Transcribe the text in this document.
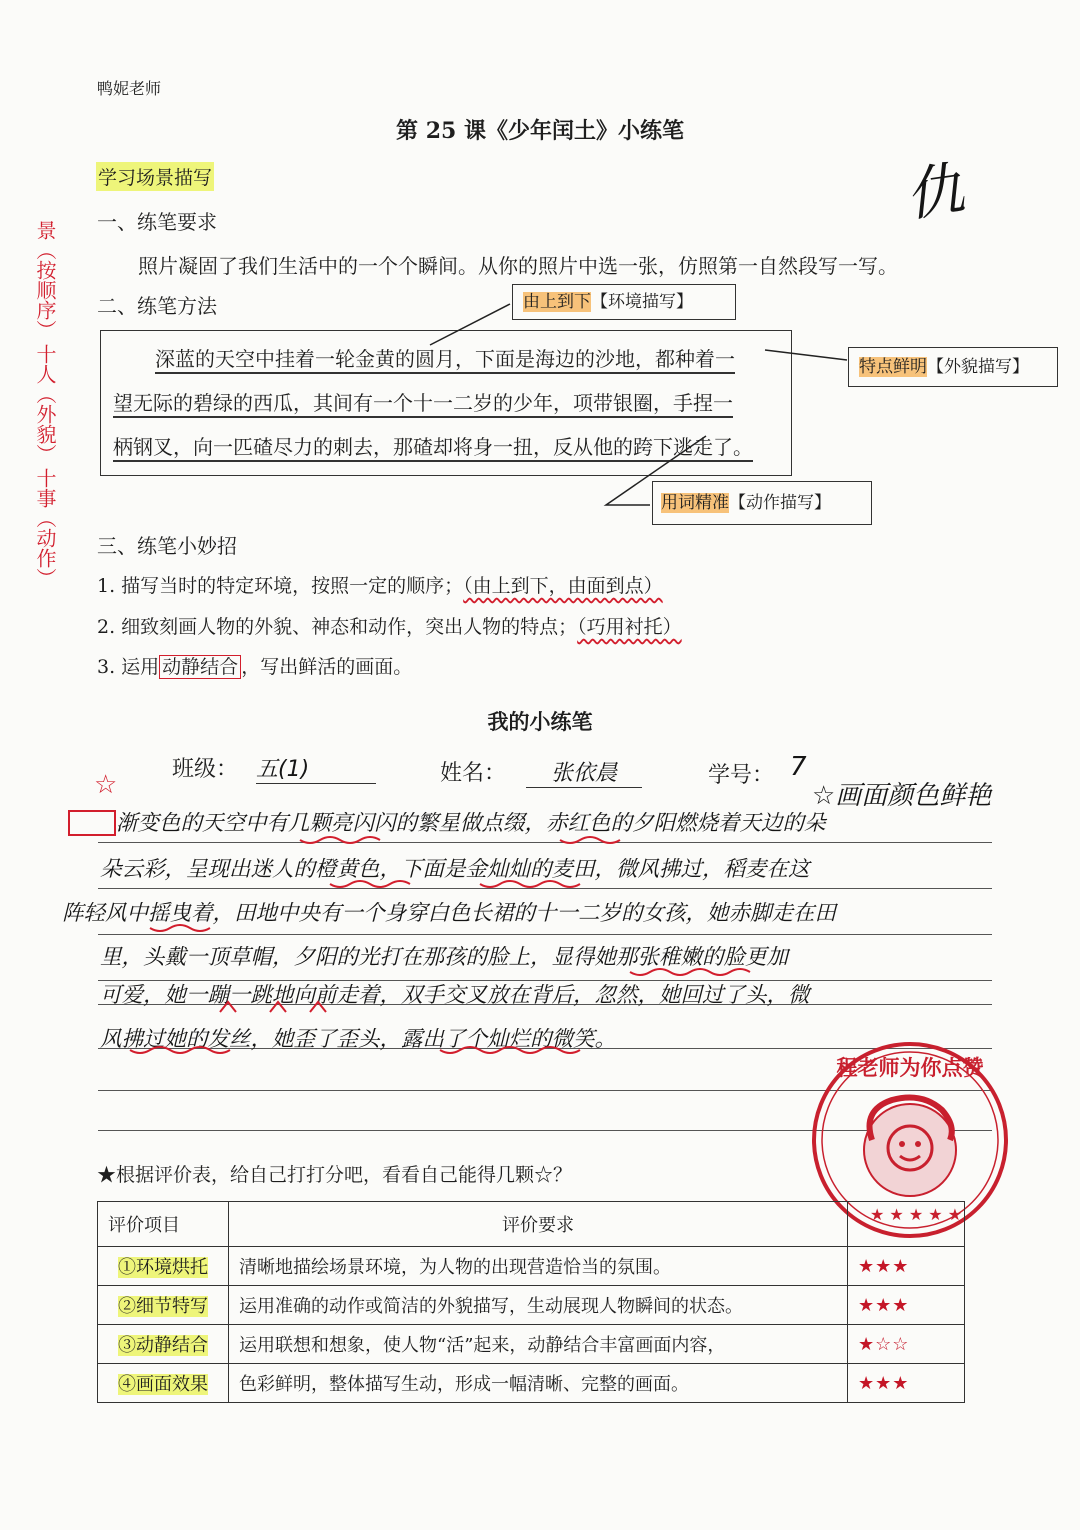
鸭妮老师
第 25 课《少年闰土》小练笔
学习场景描写	仇
景（按顺序）
十人（外貌）
十事（动作）
一、练笔要求
照片凝固了我们生活中的一个个瞬间。从你的照片中选一张，仿照第一自然段写一写。
二、练笔方法	由上到下【环境描写】
特点鲜明【外貌描写】
用词精准【动作描写】
深蓝的天空中挂着一轮金黄的圆月，下面是海边的沙地，都种着一
望无际的碧绿的西瓜，其间有一个十一二岁的少年，项带银圈，手捏一
柄钢叉，向一匹碴尽力的刺去，那碴却将身一扭，反从他的跨下逃走了。
三、练笔小妙招
1. 描写当时的特定环境，按照一定的顺序；（由上到下，由面到点）
2. 细致刻画人物的外貌、神态和动作，突出人物的特点；（巧用衬托）
3. 运用 动静结合 ，写出鲜活的画面。
我的小练笔
班级： 五(1)	姓名：	张依晨	学号： 7
☆画面颜色鲜艳
☆
渐变色的天空中有几颗亮闪闪的繁星做点缀，赤红色的夕阳燃烧着天边的朵
朵云彩，呈现出迷人的橙黄色，下面是金灿灿的麦田，微风拂过，稻麦在这
阵轻风中摇曳着，田地中央有一个身穿白色长裙的十一二岁的女孩，她赤脚走在田
里，头戴一顶草帽，夕阳的光打在那孩的脸上，显得她那张稚嫩的脸更加
可爱，她一蹦一跳地向前走着，双手交叉放在背后，忽然，她回过了头，微
风拂过她的发丝，她歪了歪头，露出了个灿烂的微笑。
★ ★ ★ ★ ★
程老师为你点赞
★根据评价表，给自己打打分吧，看看自己能得几颗☆？
评价项目	评价要求	
①环境烘托	清晰地描绘场景环境，为人物的出现营造恰当的氛围。	★★★
②细节特写	运用准确的动作或简洁的外貌描写，生动展现人物瞬间的状态。	★★★
③动静结合	运用联想和想象，使人物“活”起来，动静结合丰富画面内容，	★☆☆
④画面效果	色彩鲜明，整体描写生动，形成一幅清晰、完整的画面。	★★★
